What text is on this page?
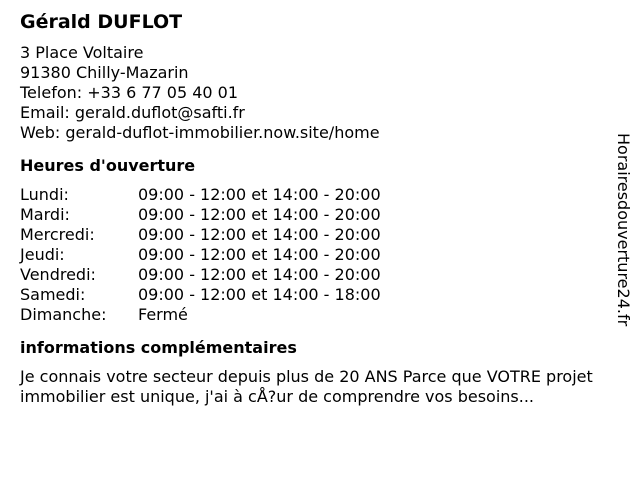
Gérald DUFLOT
3 Place Voltaire
91380 Chilly-Mazarin
Telefon: +33 6 77 05 40 01
Email: gerald.duflot@safti.fr
Web: gerald-duflot-immobilier.now.site/home
Heures d'ouverture
Lundi:	09:00 - 12:00 et 14:00 - 20:00
Mardi:	09:00 - 12:00 et 14:00 - 20:00
Mercredi:	09:00 - 12:00 et 14:00 - 20:00
Jeudi:	09:00 - 12:00 et 14:00 - 20:00
Vendredi:	09:00 - 12:00 et 14:00 - 20:00
Samedi:	09:00 - 12:00 et 14:00 - 18:00
Dimanche:	Fermé
informations complémentaires
Je connais votre secteur depuis plus de 20 ANS Parce que VOTRE projet immobilier est unique, j'ai à cÅ?ur de comprendre vos besoins...
Horairesdouverture24.fr
